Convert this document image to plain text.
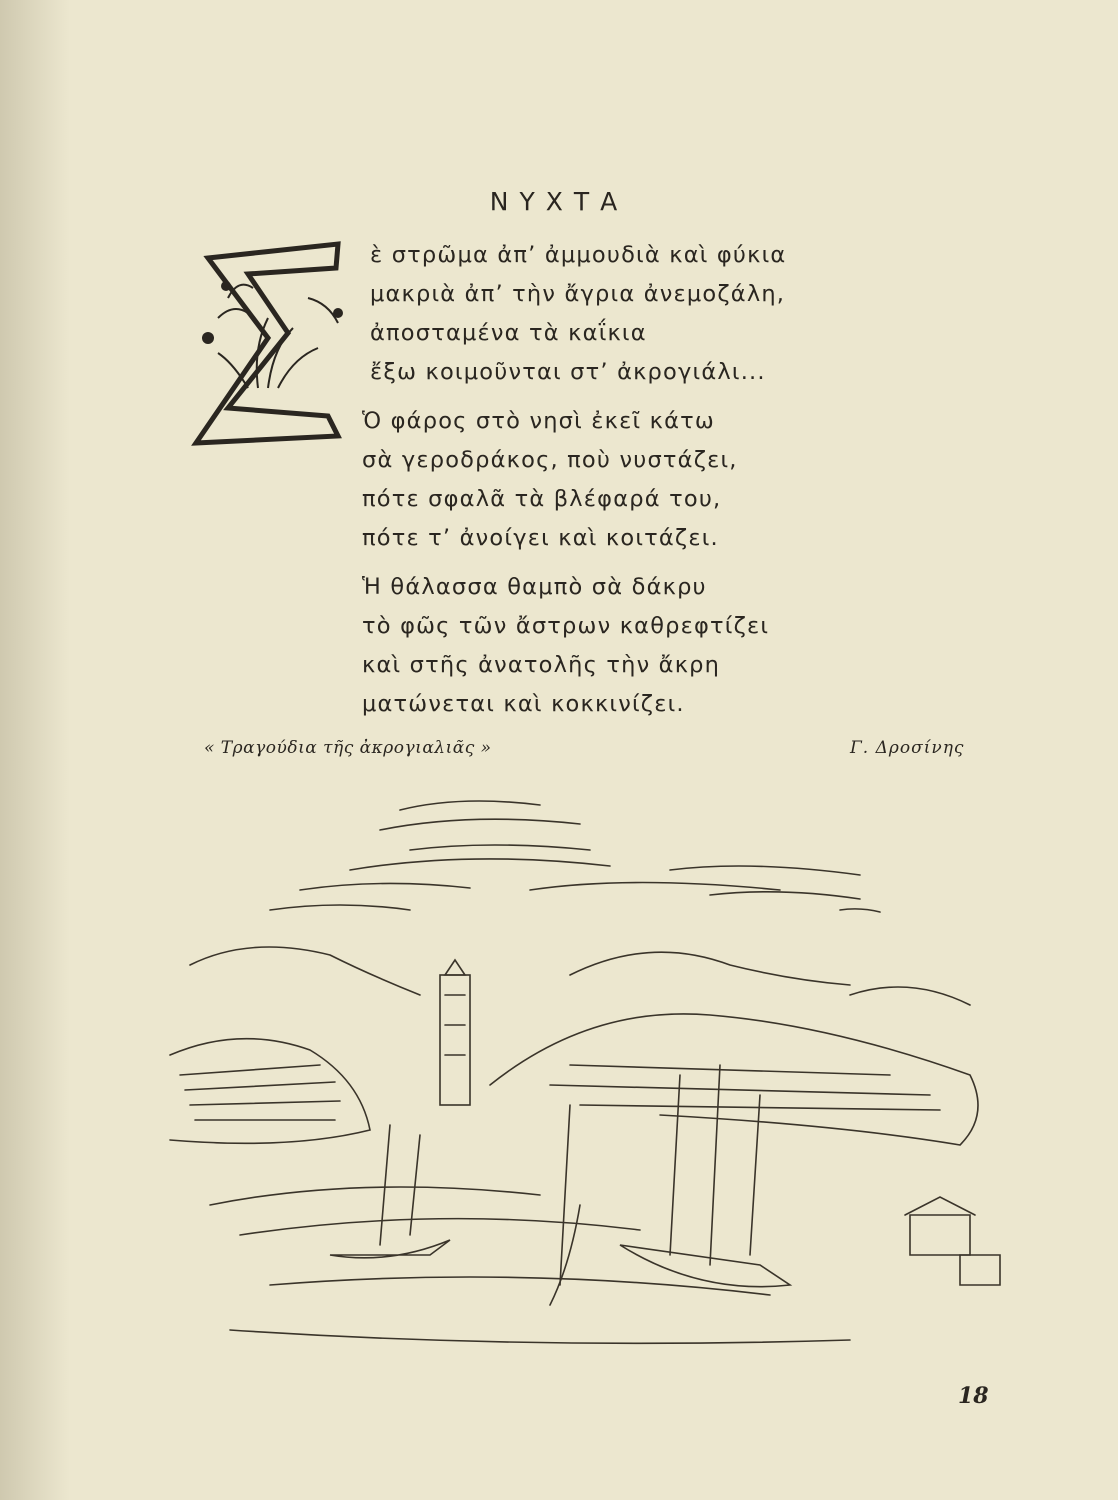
ΝΥΧΤΑ
Σ
ὲ στρῶμα ἀπ’ ἀμμουδιὰ καὶ φύκια
μακριὰ ἀπ’ τὴν ἄγρια ἀνεμοζάλη,
ἀποσταμένα τὰ καΐκια
ἔξω κοιμοῦνται στ’ ἀκρογιάλι...
Ὁ φάρος στὸ νησὶ ἐκεῖ κάτω
σὰ γεροδράκος, ποὺ νυστάζει,
πότε σφαλᾶ τὰ βλέφαρά του,
πότε τ’ ἀνοίγει καὶ κοιτάζει.
Ἡ θάλασσα θαμπὸ σὰ δάκρυ
τὸ φῶς τῶν ἄστρων καθρεφτίζει
καὶ στῆς ἀνατολῆς τὴν ἄκρη
ματώνεται καὶ κοκκινίζει.
« Τραγούδια τῆς ἀκρογιαλιᾶς »	Γ. Δροσίνης
18
